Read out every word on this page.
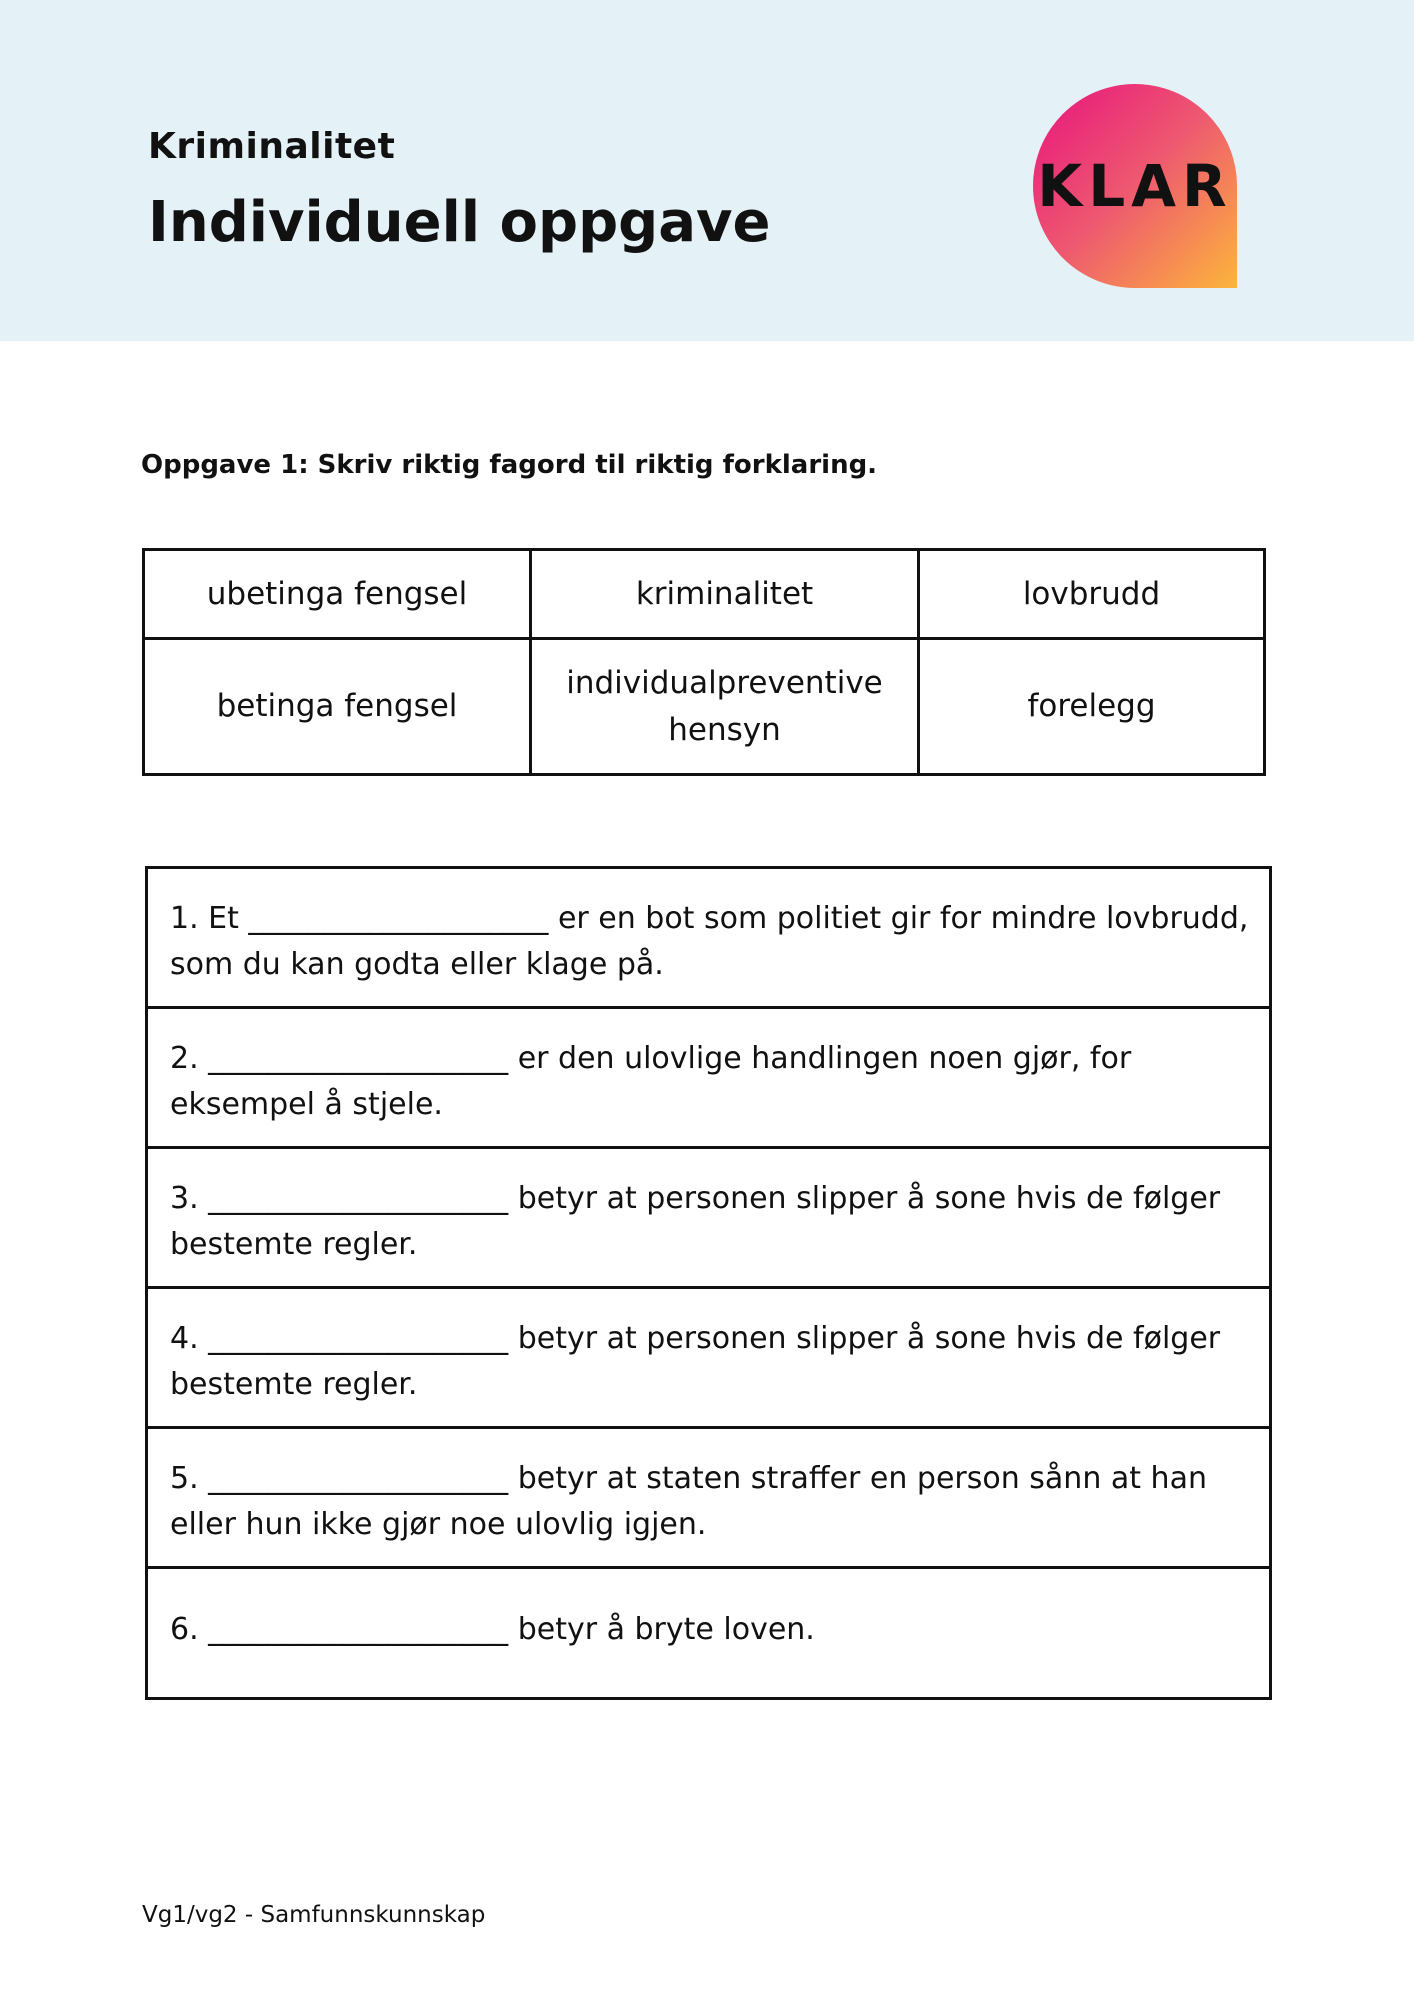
Kriminalitet
Individuell oppgave
KLAR
Oppgave 1: Skriv riktig fagord til riktig forklaring.
ubetinga fengsel	kriminalitet	lovbrudd
betinga fengsel	individualpreventive hensyn	forelegg
1. Et ____________________ er en bot som politiet gir for mindre lovbrudd, som du kan godta eller klage på.
2. ____________________ er den ulovlige handlingen noen gjør, for eksempel å stjele.
3. ____________________ betyr at personen slipper å sone hvis de følger bestemte regler.
4. ____________________ betyr at personen slipper å sone hvis de følger bestemte regler.
5. ____________________ betyr at staten straffer en person sånn at han eller hun ikke gjør noe ulovlig igjen.
6. ____________________ betyr å bryte loven.
Vg1/vg2 - Samfunnskunnskap
